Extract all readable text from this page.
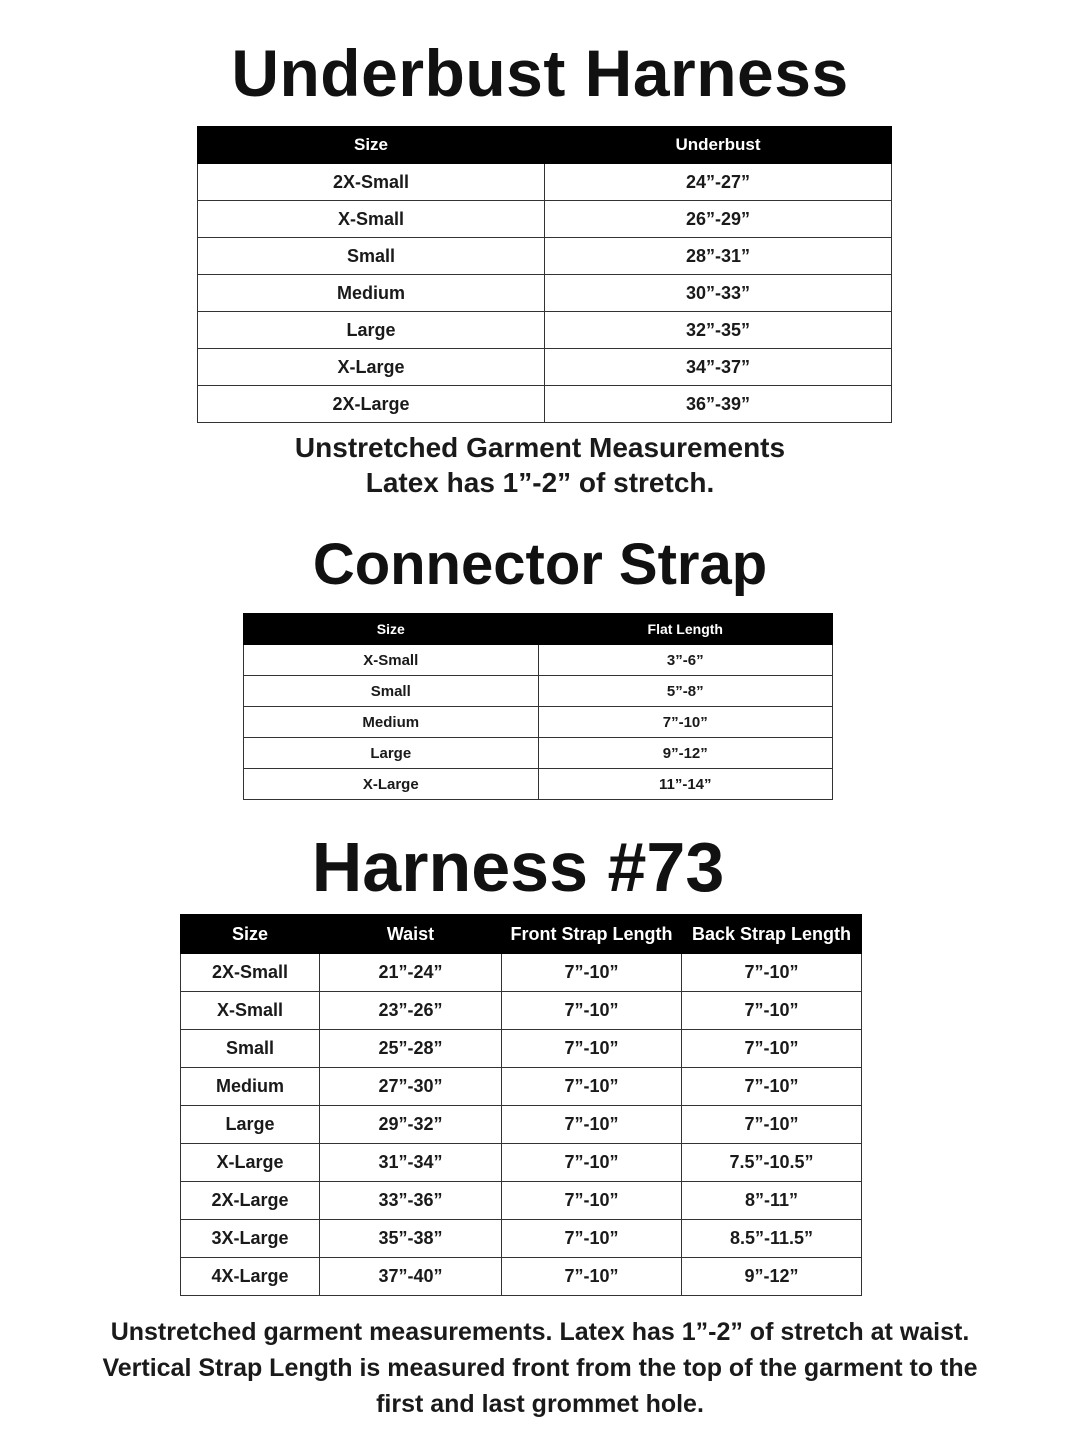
Underbust Harness
Size	Underbust
2X-Small	24”-27”
X-Small	26”-29”
Small	28”-31”
Medium	30”-33”
Large	32”-35”
X-Large	34”-37”
2X-Large	36”-39”
Unstretched Garment Measurements
Latex has 1”-2” of stretch.
Connector Strap
Size	Flat Length
X-Small	3”-6”
Small	5”-8”
Medium	7”-10”
Large	9”-12”
X-Large	11”-14”
Harness #73
Size	Waist	Front Strap Length	Back Strap Length
2X-Small	21”-24”	7”-10”	7”-10”
X-Small	23”-26”	7”-10”	7”-10”
Small	25”-28”	7”-10”	7”-10”
Medium	27”-30”	7”-10”	7”-10”
Large	29”-32”	7”-10”	7”-10”
X-Large	31”-34”	7”-10”	7.5”-10.5”
2X-Large	33”-36”	7”-10”	8”-11”
3X-Large	35”-38”	7”-10”	8.5”-11.5”
4X-Large	37”-40”	7”-10”	9”-12”
Unstretched garment measurements. Latex has 1”-2” of stretch at waist.
Vertical Strap Length is measured front from the top of the garment to the
first and last grommet hole.
